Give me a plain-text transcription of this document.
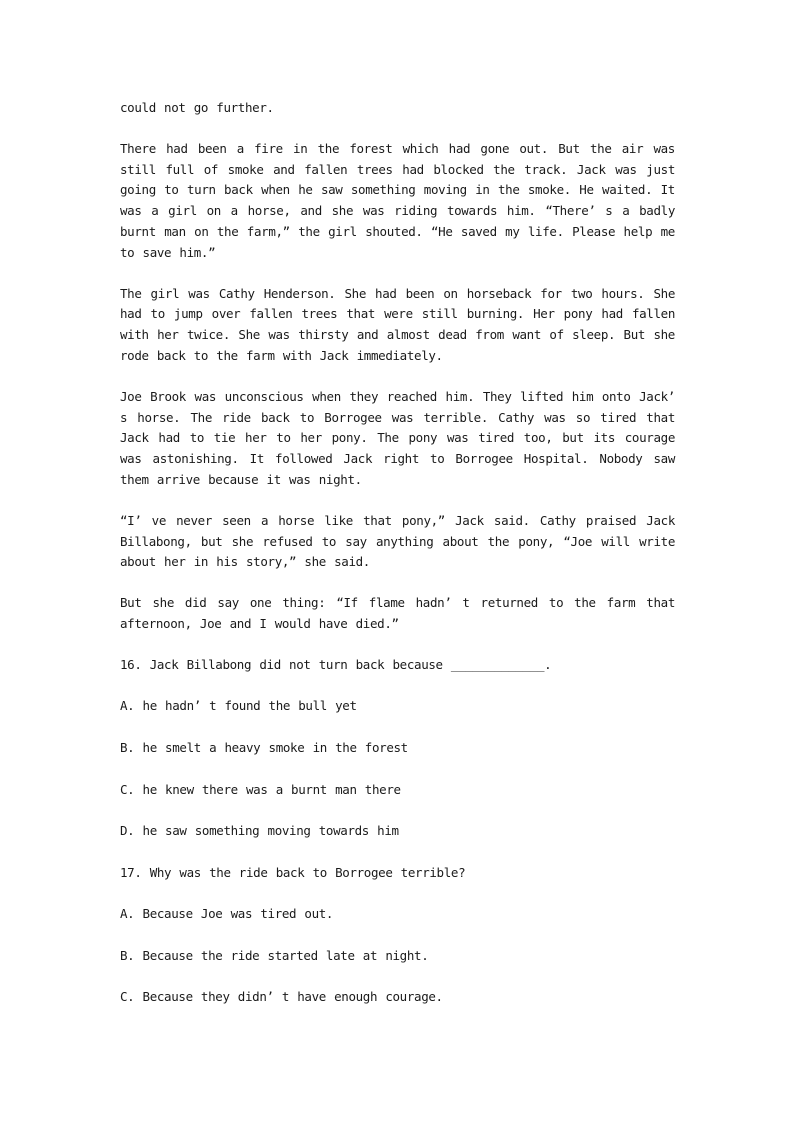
could not go further.

There had been a fire in the forest which had gone out. But the air was still full of smoke and fallen trees had blocked the track. Jack was just going to turn back when he saw something moving in the smoke. He waited. It was a girl on a horse, and she was riding towards him. “There’ s a badly burnt man on the farm,” the girl shouted. “He saved my life. Please help me to save him.”

The girl was Cathy Henderson. She had been on horseback for two hours. She had to jump over fallen trees that were still burning. Her pony had fallen with her twice. She was thirsty and almost dead from want of sleep. But she rode back to the farm with Jack immediately.

Joe Brook was unconscious when they reached him. They lifted him onto Jack’ s horse. The ride back to Borrogee was terrible. Cathy was so tired that Jack had to tie her to her pony. The pony was tired too, but its courage was astonishing. It followed Jack right to Borrogee Hospital. Nobody saw them arrive because it was night.

“I’ ve never seen a horse like that pony,” Jack said. Cathy praised Jack Billabong, but she refused to say anything about the pony, “Joe will write about her in his story,” she said.

But she did say one thing: “If flame hadn’ t returned to the farm that afternoon, Joe and I would have died.”

16. Jack Billabong did not turn back because _____________.
A. he hadn’ t found the bull yet
B. he smelt a heavy smoke in the forest
C. he knew there was a burnt man there
D. he saw something moving towards him
17. Why was the ride back to Borrogee terrible?
A. Because Joe was tired out.
B. Because the ride started late at night.
C. Because they didn’ t have enough courage.
